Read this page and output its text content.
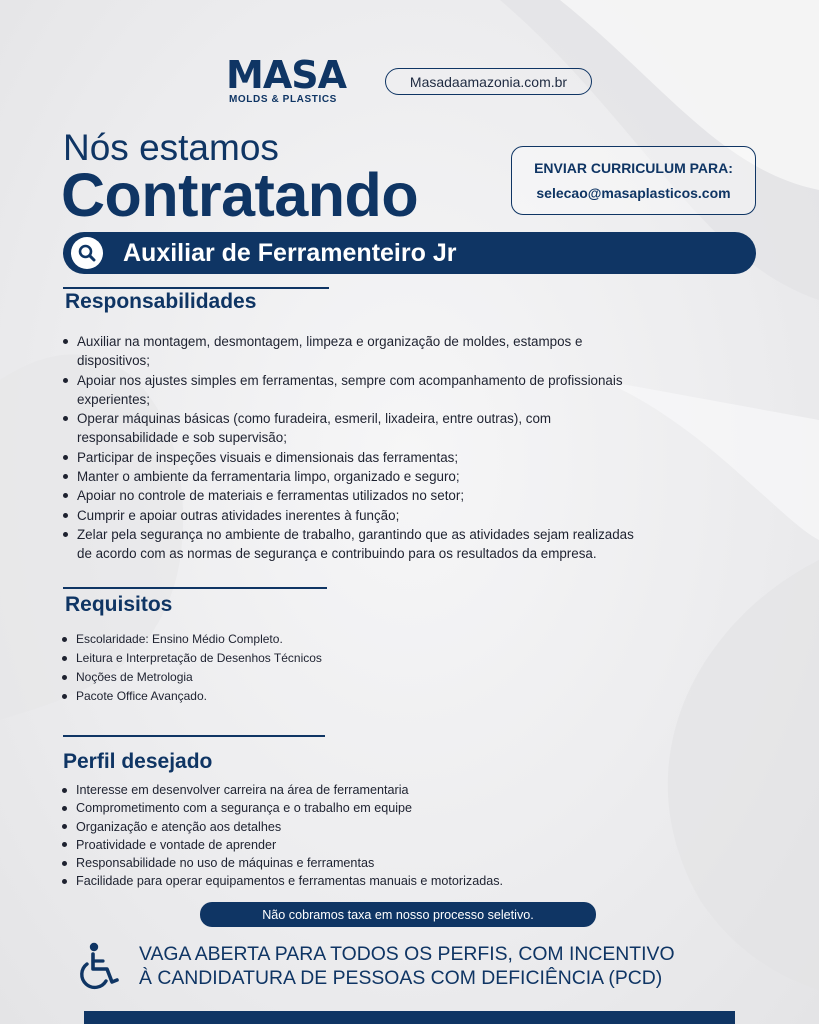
MASA
MOLDS & PLASTICS
Masadaamazonia.com.br
Nós estamos
Contratando	ENVIAR CURRICULUM PARA:
selecao@masaplasticos.com
Auxiliar de Ferramenteiro Jr
Responsabilidades
Auxiliar na montagem, desmontagem, limpeza e organização de moldes, estampos e
dispositivos;
Apoiar nos ajustes simples em ferramentas, sempre com acompanhamento de profissionais
experientes;
Operar máquinas básicas (como furadeira, esmeril, lixadeira, entre outras), com
responsabilidade e sob supervisão;
Participar de inspeções visuais e dimensionais das ferramentas;
Manter o ambiente da ferramentaria limpo, organizado e seguro;
Apoiar no controle de materiais e ferramentas utilizados no setor;
Cumprir e apoiar outras atividades inerentes à função;
Zelar pela segurança no ambiente de trabalho, garantindo que as atividades sejam realizadas
de acordo com as normas de segurança e contribuindo para os resultados da empresa.
Requisitos
Escolaridade: Ensino Médio Completo.
Leitura e Interpretação de Desenhos Técnicos
Noções de Metrologia
Pacote Office Avançado.
Perfil desejado
Interesse em desenvolver carreira na área de ferramentaria
Comprometimento com a segurança e o trabalho em equipe
Organização e atenção aos detalhes
Proatividade e vontade de aprender
Responsabilidade no uso de máquinas e ferramentas
Facilidade para operar equipamentos e ferramentas manuais e motorizadas.
Não cobramos taxa em nosso processo seletivo.
VAGA ABERTA PARA TODOS OS PERFIS, COM INCENTIVO
À CANDIDATURA DE PESSOAS COM DEFICIÊNCIA (PCD)
